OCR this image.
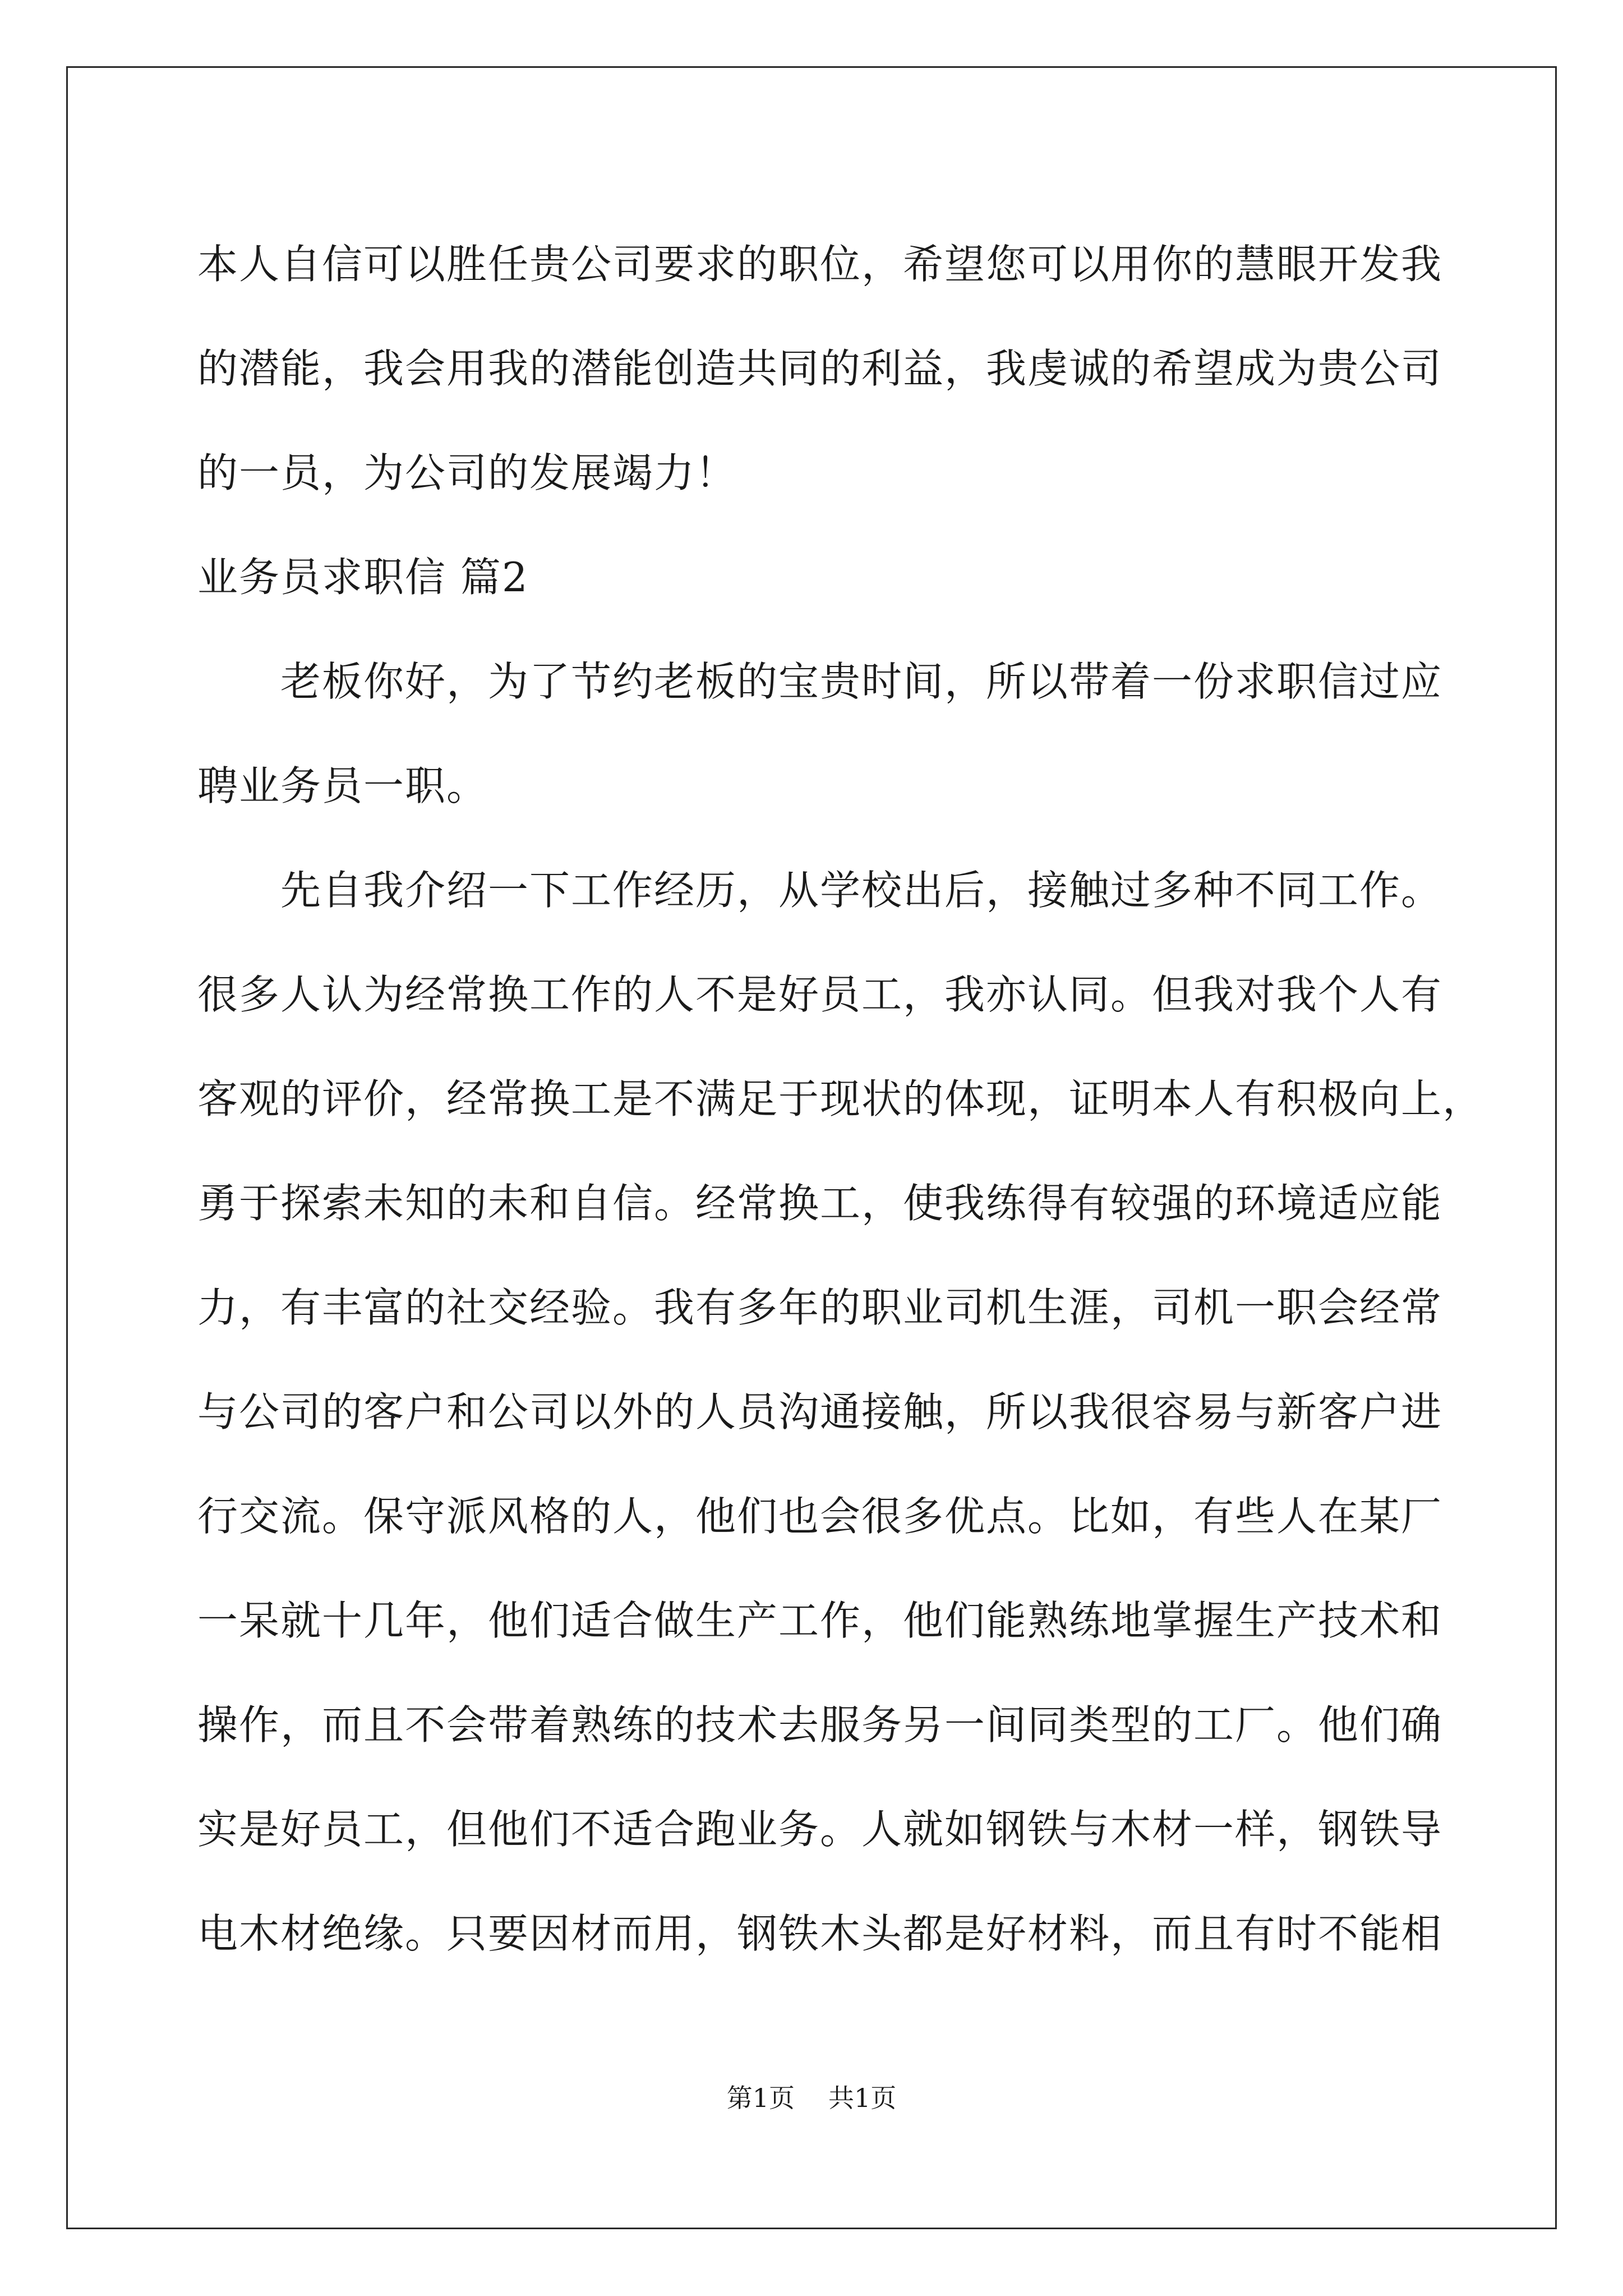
本人自信可以胜任贵公司要求的职位，希望您可以用你的慧眼开发我
的潜能，我会用我的潜能创造共同的利益，我虔诚的希望成为贵公司
的一员，为公司的发展竭力！
业务员求职信 篇2
老板你好，为了节约老板的宝贵时间，所以带着一份求职信过应
聘业务员一职。
先自我介绍一下工作经历，从学校出后，接触过多种不同工作。
很多人认为经常换工作的人不是好员工，我亦认同。但我对我个人有
客观的评价，经常换工是不满足于现状的体现，证明本人有积极向上，
勇于探索未知的未和自信。经常换工，使我练得有较强的环境适应能
力，有丰富的社交经验。我有多年的职业司机生涯，司机一职会经常
与公司的客户和公司以外的人员沟通接触，所以我很容易与新客户进
行交流。保守派风格的人，他们也会很多优点。比如，有些人在某厂
一呆就十几年，他们适合做生产工作，他们能熟练地掌握生产技术和
操作，而且不会带着熟练的技术去服务另一间同类型的工厂。他们确
实是好员工，但他们不适合跑业务。人就如钢铁与木材一样，钢铁导
电木材绝缘。只要因材而用，钢铁木头都是好材料，而且有时不能相
第1页 共1页
